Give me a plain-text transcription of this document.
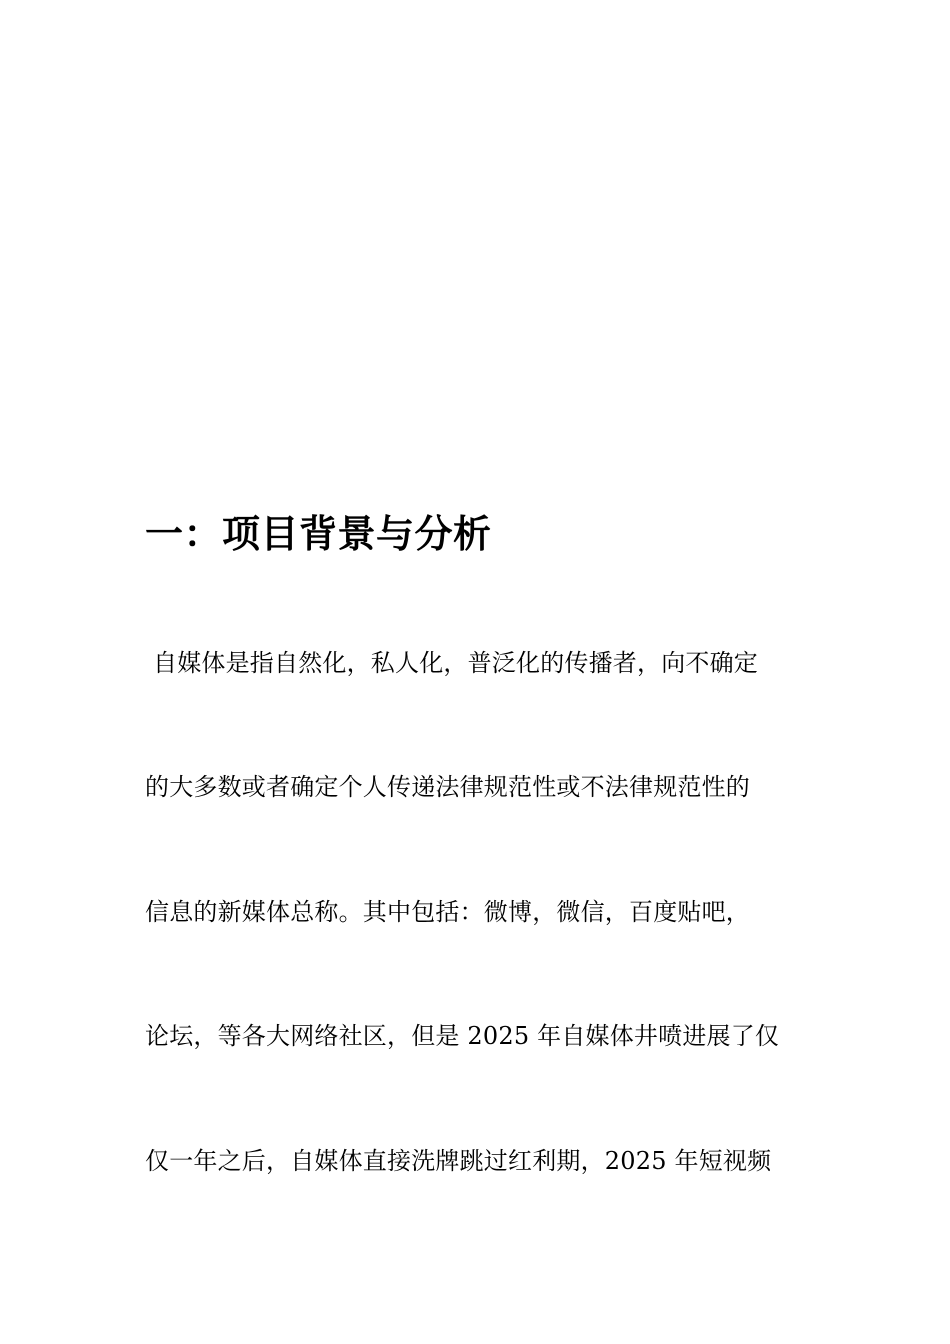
一：项目背景与分析

自媒体是指自然化，私人化，普泛化的传播者，向不确定

的大多数或者确定个人传递法律规范性或不法律规范性的

信息的新媒体总称。其中包括：微博，微信，百度贴吧，

论坛，等各大网络社区，但是 2025 年自媒体井喷进展了仅

仅一年之后，自媒体直接洗牌跳过红利期，2025 年短视频
